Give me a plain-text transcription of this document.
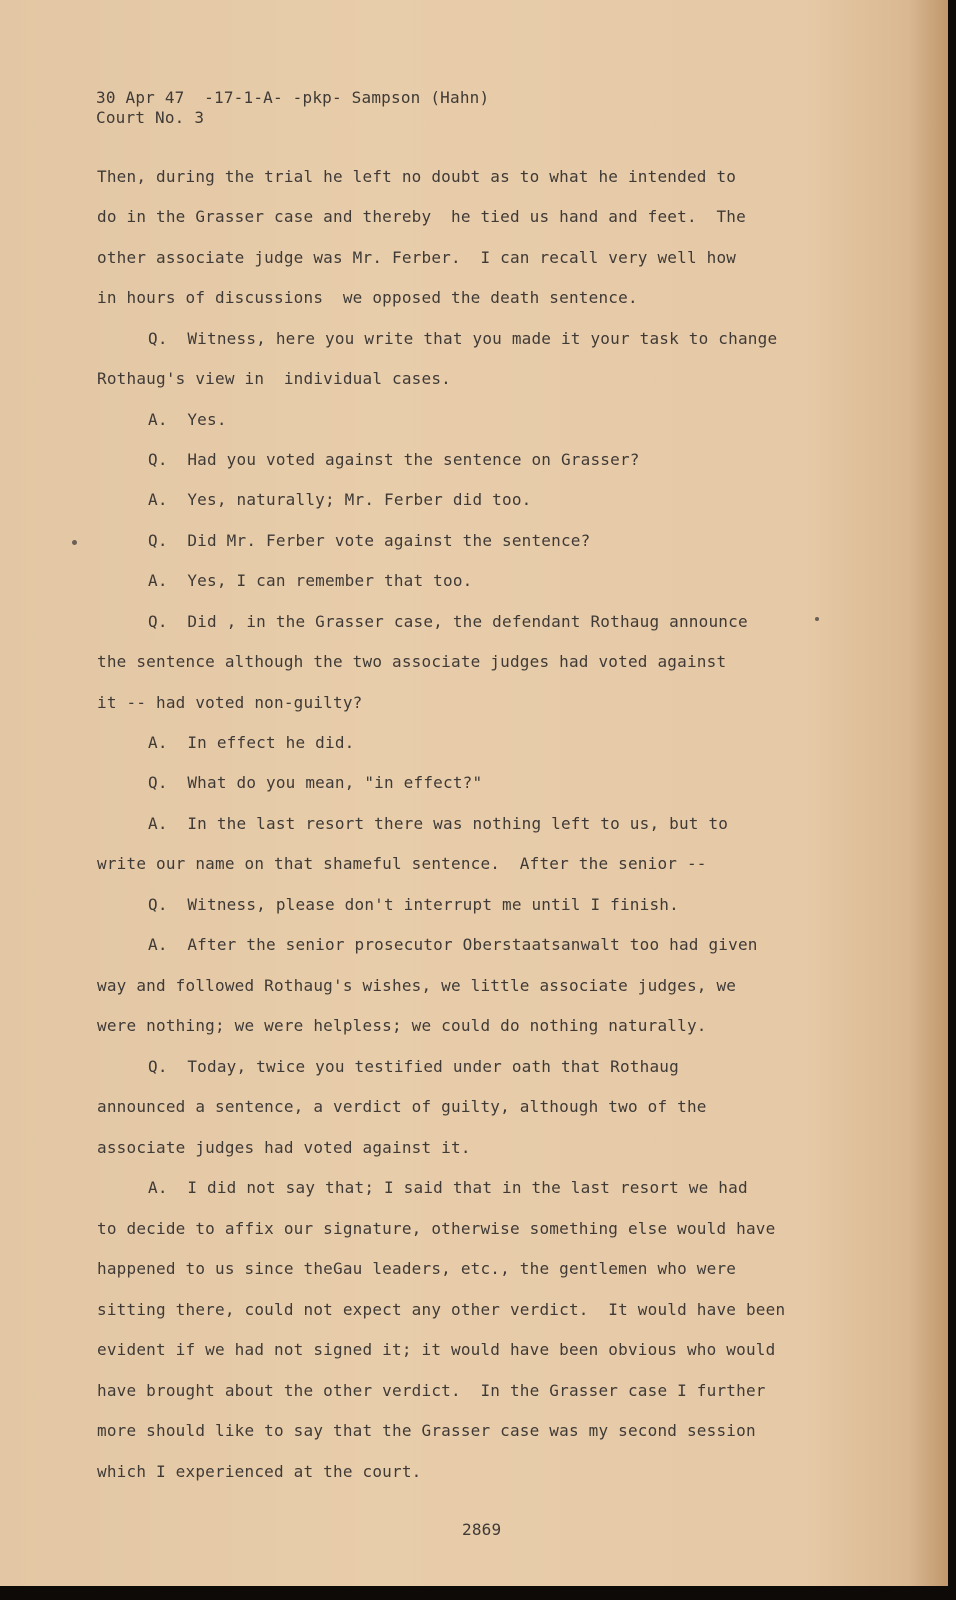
30 Apr 47  -17-1-A- -pkp- Sampson (Hahn)
Court No. 3
Then, during the trial he left no doubt as to what he intended to
do in the Grasser case and thereby  he tied us hand and feet.  The
other associate judge was Mr. Ferber.  I can recall very well how
in hours of discussions  we opposed the death sentence.
Q.  Witness, here you write that you made it your task to change
Rothaug's view in  individual cases.
A.  Yes.
Q.  Had you voted against the sentence on Grasser?
A.  Yes, naturally; Mr. Ferber did too.
Q.  Did Mr. Ferber vote against the sentence?
A.  Yes, I can remember that too.
Q.  Did , in the Grasser case, the defendant Rothaug announce
the sentence although the two associate judges had voted against
it -- had voted non-guilty?
A.  In effect he did.
Q.  What do you mean, "in effect?"
A.  In the last resort there was nothing left to us, but to
write our name on that shameful sentence.  After the senior --
Q.  Witness, please don't interrupt me until I finish.
A.  After the senior prosecutor Oberstaatsanwalt too had given
way and followed Rothaug's wishes, we little associate judges, we
were nothing; we were helpless; we could do nothing naturally.
Q.  Today, twice you testified under oath that Rothaug
announced a sentence, a verdict of guilty, although two of the
associate judges had voted against it.
A.  I did not say that; I said that in the last resort we had
to decide to affix our signature, otherwise something else would have
happened to us since theGau leaders, etc., the gentlemen who were
sitting there, could not expect any other verdict.  It would have been
evident if we had not signed it; it would have been obvious who would
have brought about the other verdict.  In the Grasser case I further
more should like to say that the Grasser case was my second session
which I experienced at the court.
2869
